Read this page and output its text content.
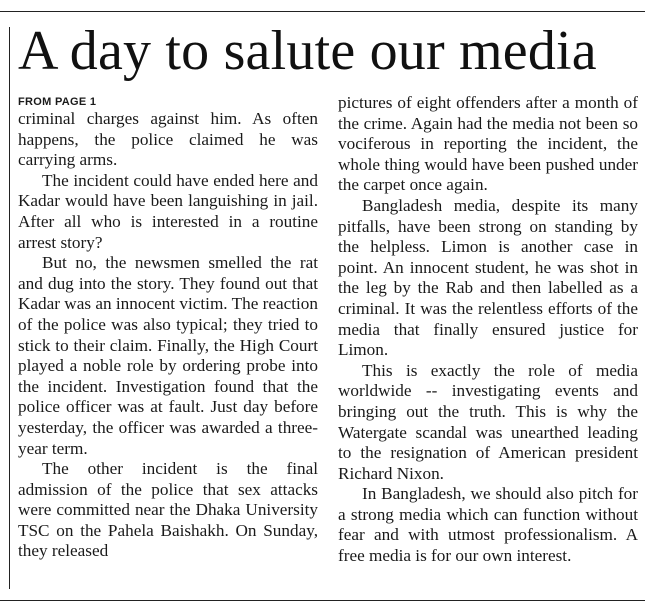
A day to salute our media
FROM PAGE 1

criminal charges against him. As often happens, the police claimed he was carrying arms.

The incident could have ended here and Kadar would have been languishing in jail. After all who is interested in a routine arrest story?

But no, the newsmen smelled the rat and dug into the story. They found out that Kadar was an innocent victim. The reaction of the police was also typical; they tried to stick to their claim. Finally, the High Court played a noble role by ordering probe into the incident. Investigation found that the police officer was at fault. Just day before yesterday, the officer was awarded a three-year term.

The other incident is the final admission of the police that sex attacks were committed near the Dhaka University TSC on the Pahela Baishakh. On Sunday, they released

pictures of eight offenders after a month of the crime. Again had the media not been so vociferous in reporting the incident, the whole thing would have been pushed under the carpet once again.

Bangladesh media, despite its many pitfalls, have been strong on standing by the helpless. Limon is another case in point. An innocent student, he was shot in the leg by the Rab and then labelled as a criminal. It was the relentless efforts of the media that finally ensured justice for Limon.

This is exactly the role of media worldwide -- investigating events and bringing out the truth. This is why the Watergate scandal was unearthed leading to the resignation of American president Richard Nixon.

In Bangladesh, we should also pitch for a strong media which can function without fear and with utmost professionalism. A free media is for our own interest.
